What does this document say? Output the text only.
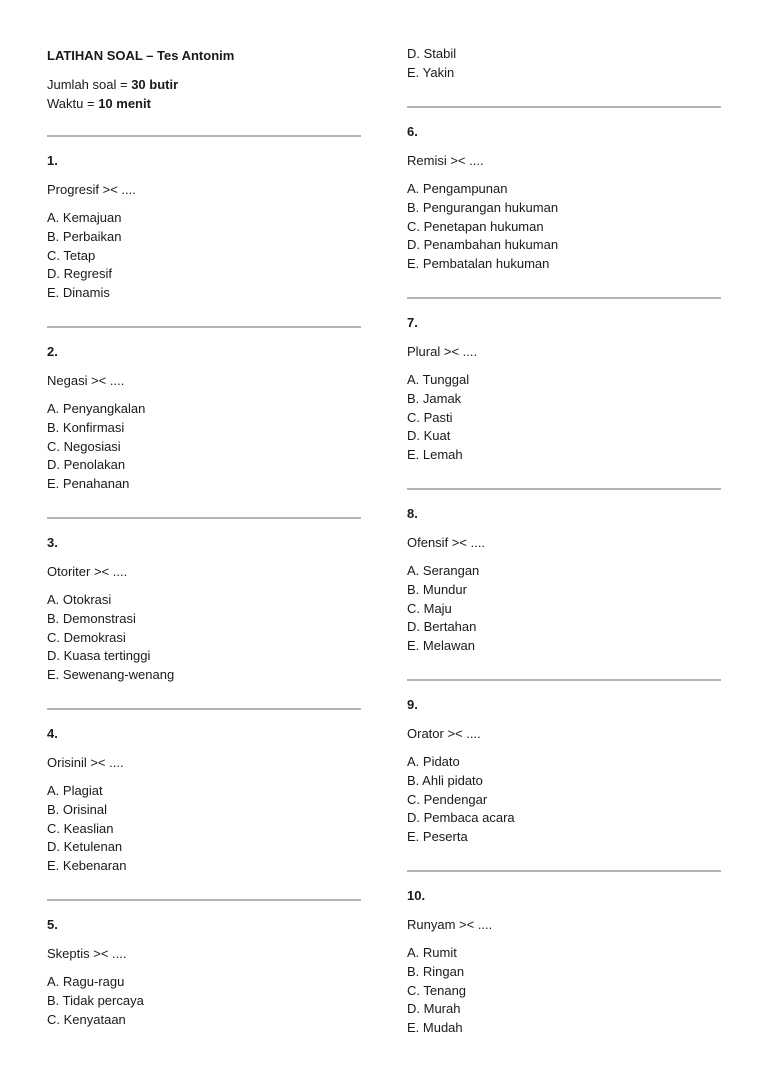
LATIHAN SOAL – Tes Antonim
Jumlah soal = 30 butir
Waktu = 10 menit
1.
Progresif >< ....
A. Kemajuan
B. Perbaikan
C. Tetap
D. Regresif
E. Dinamis
2.
Negasi >< ....
A. Penyangkalan
B. Konfirmasi
C. Negosiasi
D. Penolakan
E. Penahanan
3.
Otoriter >< ....
A. Otokrasi
B. Demonstrasi
C. Demokrasi
D. Kuasa tertinggi
E. Sewenang-wenang
4.
Orisinil >< ....
A. Plagiat
B. Orisinal
C. Keaslian
D. Ketulenan
E. Kebenaran
5.
Skeptis >< ....
A. Ragu-ragu
B. Tidak percaya
C. Kenyataan
D. Stabil
E. Yakin
6.
Remisi >< ....
A. Pengampunan
B. Pengurangan hukuman
C. Penetapan hukuman
D. Penambahan hukuman
E. Pembatalan hukuman
7.
Plural >< ....
A. Tunggal
B. Jamak
C. Pasti
D. Kuat
E. Lemah
8.
Ofensif >< ....
A. Serangan
B. Mundur
C. Maju
D. Bertahan
E. Melawan
9.
Orator >< ....
A. Pidato
B. Ahli pidato
C. Pendengar
D. Pembaca acara
E. Peserta
10.
Runyam >< ....
A. Rumit
B. Ringan
C. Tenang
D. Murah
E. Mudah
